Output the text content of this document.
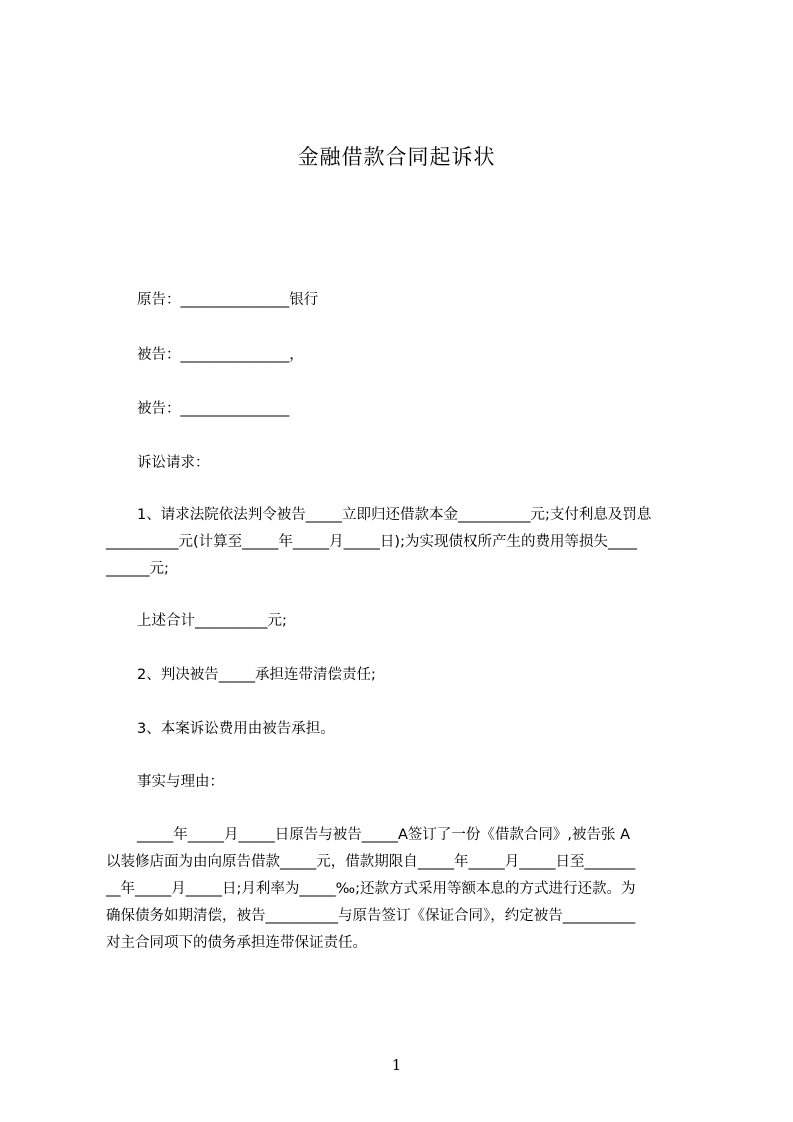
金融借款合同起诉状
原告：_______________银行
被告：_______________，
被告：_______________
诉讼请求：
1、请求法院依法判令被告_____立即归还借款本金__________元;支付利息及罚息
__________元(计算至_____年_____月_____日);为实现债权所产生的费用等损失____
______元;
上述合计__________元;
2、判决被告_____承担连带清偿责任;
3、本案诉讼费用由被告承担。
事实与理由：
_____年_____月_____日原告与被告_____A签订了一份《借款合同》,被告张 A
以装修店面为由向原告借款_____元，借款期限自_____年_____月_____日至_______
__年_____月_____日;月利率为_____‰;还款方式采用等额本息的方式进行还款。为
确保债务如期清偿，被告__________与原告签订《保证合同》，约定被告__________
对主合同项下的债务承担连带保证责任。
1
